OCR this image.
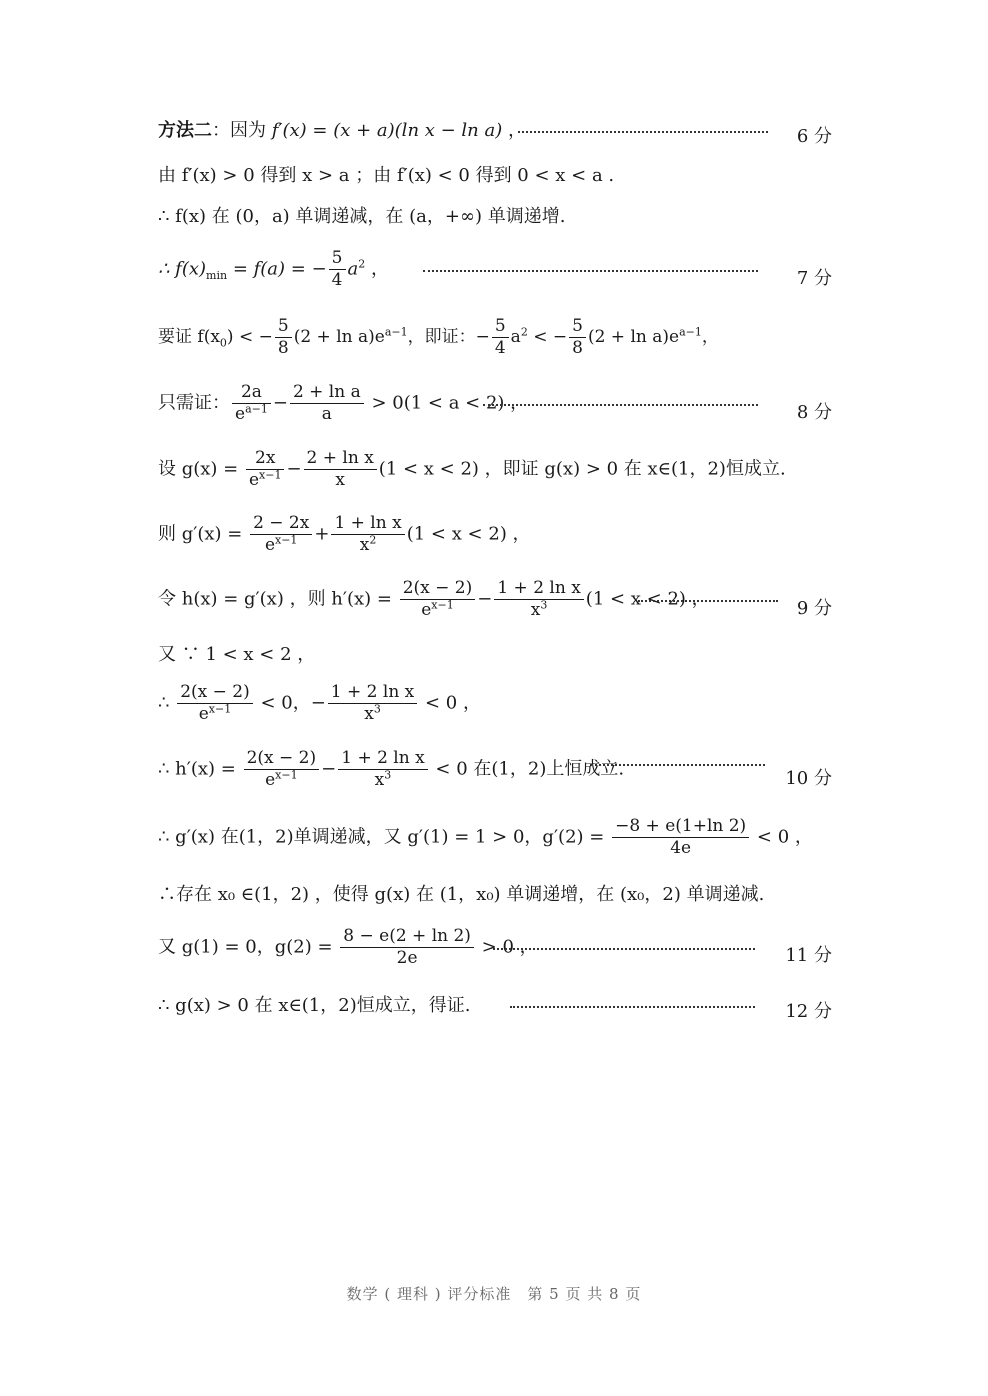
方法二：因为 f′(x) = (x + a)(ln x − ln a) ，	6 分
由 f′(x) > 0 得到 x > a ；由 f′(x) < 0 得到 0 < x < a .
∴ f(x) 在 (0，a) 单调递减，在 (a，+∞) 单调递增.
∴ $f(x)_{min} = f(a)$ = − $\frac{5}{4} a^2$ ，	7 分
要证 $f(x_0)$ < − $\frac{5}{8} (2 + \ln a)e^{a-1}$，即证：− $\frac{5}{4} a^2$ < − $\frac{5}{8} (2 + \ln a)e^{a-1}$，
只需证： $\frac{2a}{e^{a-1}} - \frac{\text{2 + ln a}}{a} > 0(1 < a < 2)$ ，	8 分
设 $g(x) = \frac{2x}{e^{x-1}} - \frac{\text{2 + ln x}}{x} (1 < x < 2)$ ，即证 g(x) > 0 在 x∈(1，2)恒成立.
则 $g'(x) = \frac{2 - 2x}{e^{x-1}} + \frac{\text{1 + ln x}}{x^2} (1 < x < 2)$ ，
令 h(x) = g′(x) ，则 $h'(x) = \frac{2(x - 2)}{e^{x-1}} - \frac{\text{1 + 2 ln x}}{x^3} (1 < x < 2)$ ，	9 分
又 ∵ 1 < x < 2 ，
∴ $\frac{2(x - 2)}{e^{x-1}} < 0$，− $\frac{\text{1 + 2 ln x}}{x^3} < 0$ ，
∴ $h'(x) = \frac{2(x - 2)}{e^{x-1}} - \frac{\text{1 + 2 ln x}}{x^3} < 0$ 在(1，2)上恒成立.	10 分
∴ g′(x) 在(1，2)单调递减，又 g′(1) = 1 > 0，$g'(2) = \frac{-8 + e(1+\ln 2)}{4e} < 0$ ，
∴存在 x₀ ∈(1，2) ，使得 g(x) 在 (1，x₀) 单调递增，在 (x₀，2) 单调递减.
又 g(1) = 0，$g(2) = \frac{8 - e(2 + \ln 2)}{2e} > 0$ ，	11 分
∴ g(x) > 0 在 x∈(1，2)恒成立，得证.	12 分
数学 ( 理科 ) 评分标准　第 5 页 共 8 页
